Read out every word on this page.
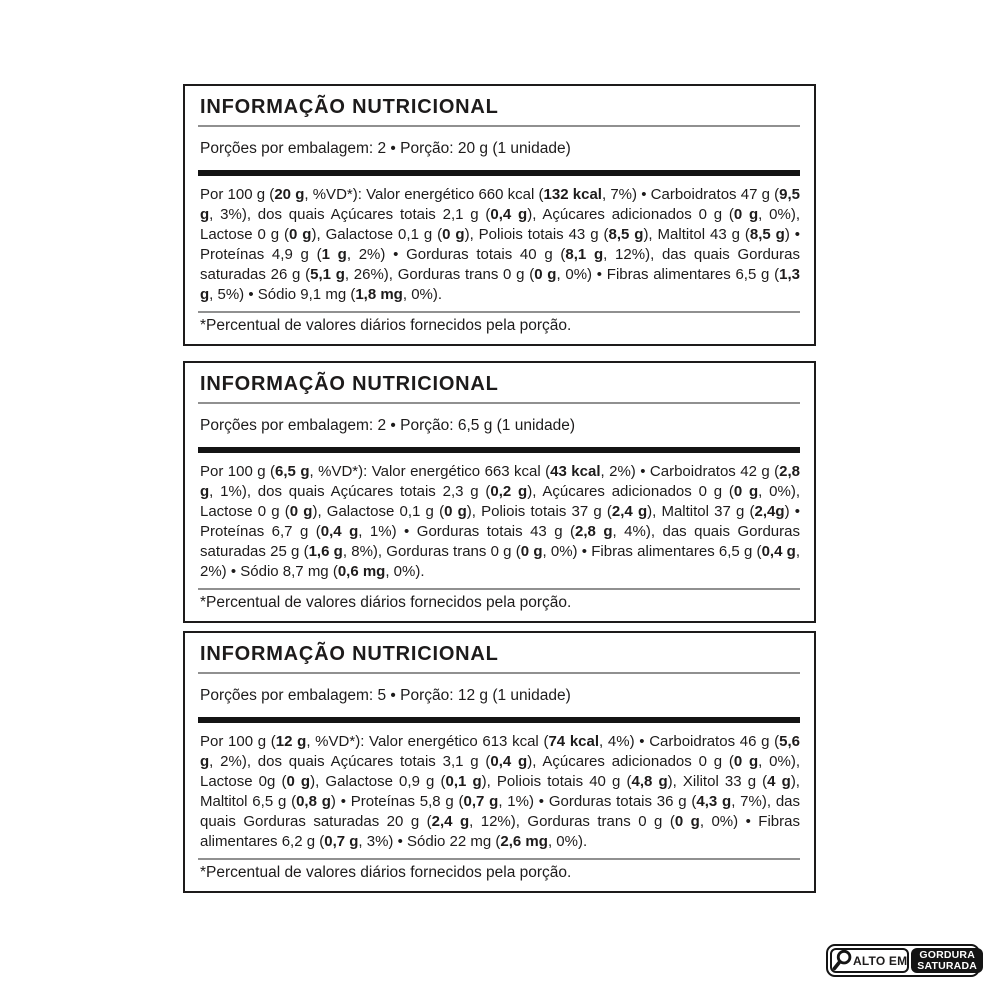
INFORMAÇÃO NUTRICIONAL

Porções por embalagem: 2 • Porção: 20 g (1 unidade)

Por 100 g (20 g, %VD*): Valor energético 660 kcal (132 kcal, 7%) • Carboidratos 47 g (9,5 g, 3%), dos quais Açúcares totais 2,1 g (0,4 g), Açúcares adicionados 0 g (0 g, 0%), Lactose 0 g (0 g), Galactose 0,1 g (0 g), Poliois totais 43 g (8,5 g), Maltitol 43 g (8,5 g) • Proteínas 4,9 g (1 g, 2%) • Gorduras totais 40 g (8,1 g, 12%), das quais Gorduras saturadas 26 g (5,1 g, 26%), Gorduras trans 0 g (0 g, 0%) • Fibras alimentares 6,5 g (1,3 g, 5%) • Sódio 9,1 mg (1,8 mg, 0%).

*Percentual de valores diários fornecidos pela porção.

INFORMAÇÃO NUTRICIONAL

Porções por embalagem: 2 • Porção: 6,5 g (1 unidade)

Por 100 g (6,5 g, %VD*): Valor energético 663 kcal (43 kcal, 2%) • Carboidratos 42 g (2,8 g, 1%), dos quais Açúcares totais 2,3 g (0,2 g), Açúcares adicionados 0 g (0 g, 0%), Lactose 0 g (0 g), Galactose 0,1 g (0 g), Poliois totais 37 g (2,4 g), Maltitol 37 g (2,4g) • Proteínas 6,7 g (0,4 g, 1%) • Gorduras totais 43 g (2,8 g, 4%), das quais Gorduras saturadas 25 g (1,6 g, 8%), Gorduras trans 0 g (0 g, 0%) • Fibras alimentares 6,5 g (0,4 g, 2%) • Sódio 8,7 mg (0,6 mg, 0%).

*Percentual de valores diários fornecidos pela porção.

INFORMAÇÃO NUTRICIONAL

Porções por embalagem: 5 • Porção: 12 g (1 unidade)

Por 100 g (12 g, %VD*): Valor energético 613 kcal (74 kcal, 4%) • Carboidratos 46 g (5,6 g, 2%), dos quais Açúcares totais 3,1 g (0,4 g), Açúcares adicionados 0 g (0 g, 0%), Lactose 0g (0 g), Galactose 0,9 g (0,1 g), Poliois totais 40 g (4,8 g), Xilitol 33 g (4 g), Maltitol 6,5 g (0,8 g) • Proteínas 5,8 g (0,7 g, 1%) • Gorduras totais 36 g (4,3 g, 7%), das quais Gorduras saturadas 20 g (2,4 g, 12%), Gorduras trans 0 g (0 g, 0%) • Fibras alimentares 6,2 g (0,7 g, 3%) • Sódio 22 mg (2,6 mg, 0%).

*Percentual de valores diários fornecidos pela porção.

ALTO EM GORDURA
SATURADA
